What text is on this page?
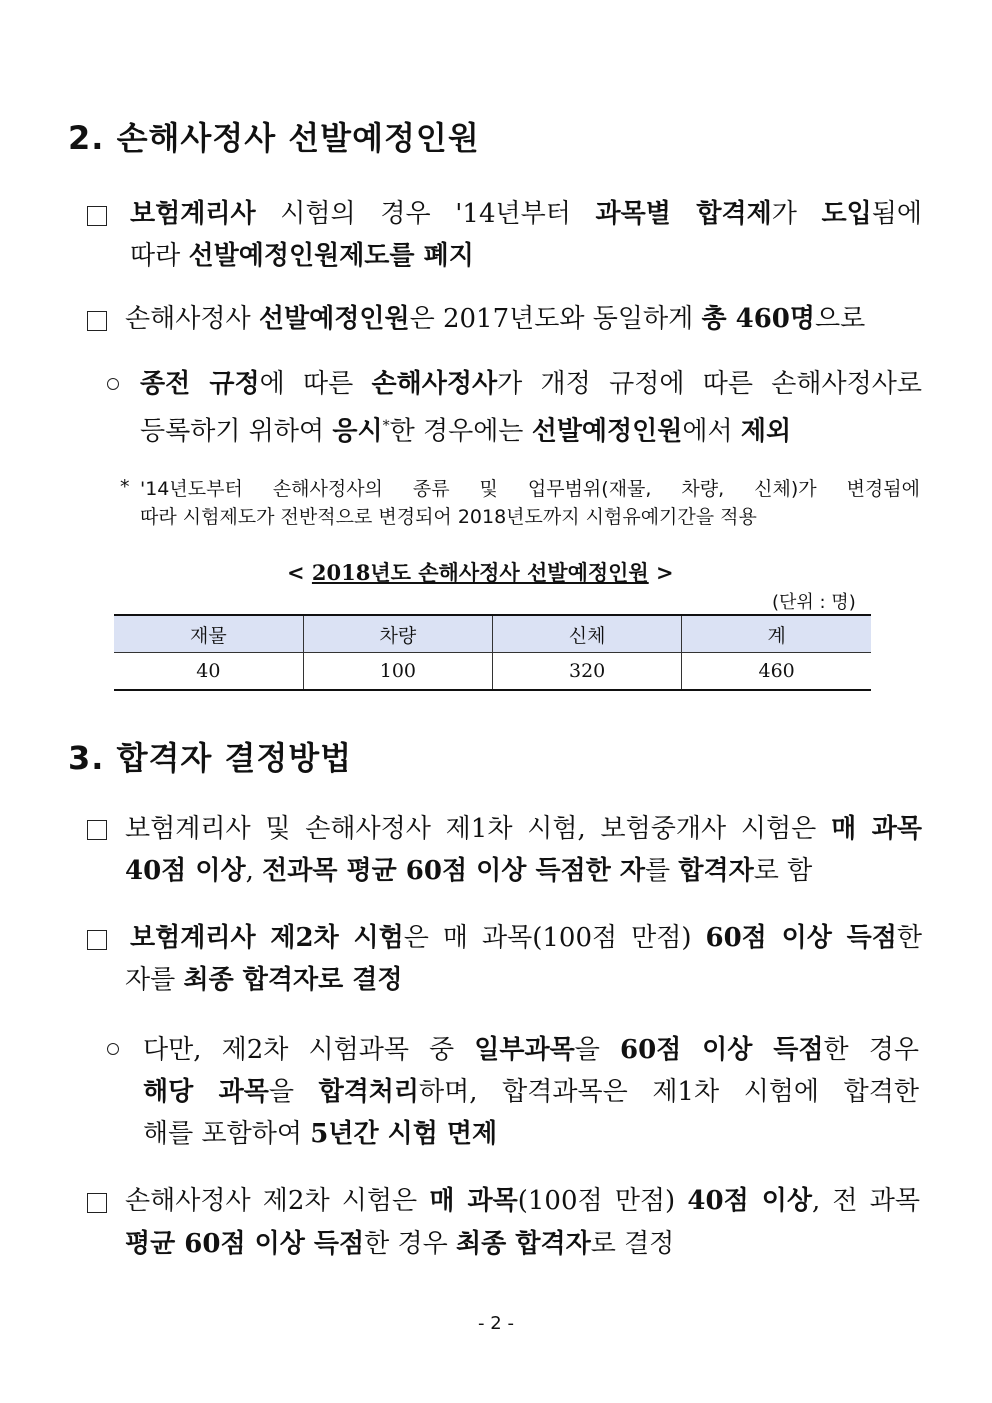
2. 손해사정사 선발예정인원
보험계리사 시험의 경우 '14년부터 과목별 합격제가 도입됨에
따라 선발예정인원제도를 폐지
손해사정사 선발예정인원은 2017년도와 동일하게 총 460명으로
종전 규정에 따른 손해사정사가 개정 규정에 따른 손해사정사로
등록하기 위하여 응시*한 경우에는 선발예정인원에서 제외
* '14년도부터 손해사정사의 종류 및 업무범위(재물, 차량, 신체)가 변경됨에
따라 시험제도가 전반적으로 변경되어 2018년도까지 시험유예기간을 적용
< 2018년도 손해사정사 선발예정인원 >
(단위 : 명)
재물	차량	신체	계
40	100	320	460
3. 합격자 결정방법
보험계리사 및 손해사정사 제1차 시험, 보험중개사 시험은 매 과목
40점 이상, 전과목 평균 60점 이상 득점한 자를 합격자로 함
보험계리사 제2차 시험은 매 과목(100점 만점) 60점 이상 득점한
자를 최종 합격자로 결정
다만, 제2차 시험과목 중 일부과목을 60점 이상 득점한 경우
해당 과목을 합격처리하며, 합격과목은 제1차 시험에 합격한
해를 포함하여 5년간 시험 면제
손해사정사 제2차 시험은 매 과목(100점 만점) 40점 이상, 전 과목
평균 60점 이상 득점한 경우 최종 합격자로 결정
- 2 -
